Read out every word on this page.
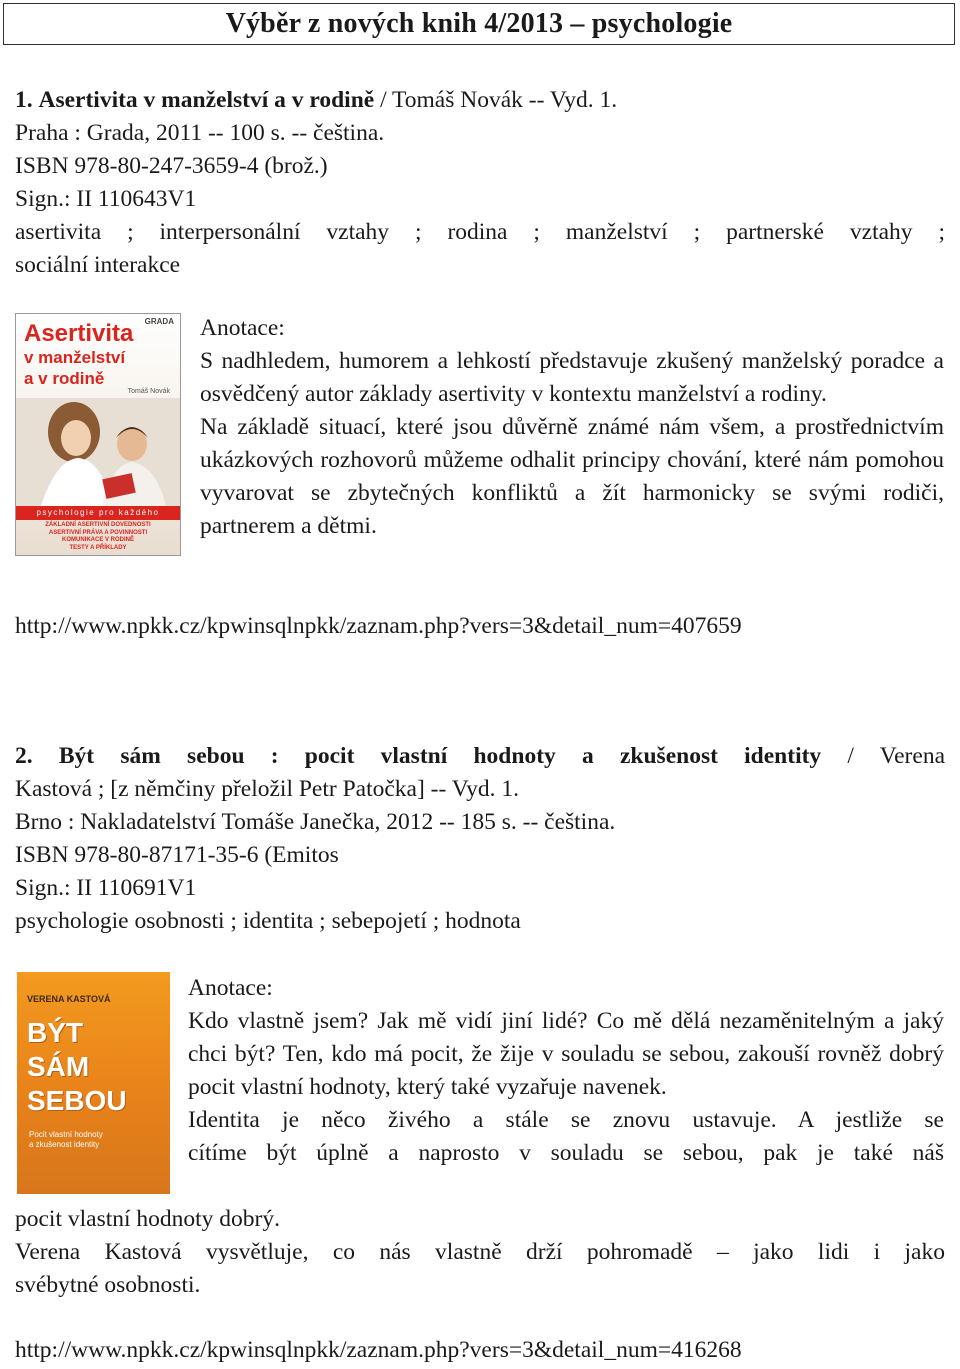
Výběr z nových knih 4/2013 – psychologie
1. Asertivita v manželství a v rodině / Tomáš Novák -- Vyd. 1.
Praha : Grada, 2011 -- 100 s. -- čeština.
ISBN 978-80-247-3659-4 (brož.)
Sign.: II 110643V1
asertivita ; interpersonální vztahy ; rodina ; manželství ; partnerské vztahy ;
sociální interakce
GRADA
Asertivita
v manželství
a v rodině
Tomáš Novák
psychologie pro každého
ZÁKLADNÍ ASERTIVNÍ DOVEDNOSTI
ASERTIVNÍ PRÁVA A POVINNOSTI
KOMUNIKACE V RODINĚ
TESTY A PŘÍKLADY
Anotace:
S nadhledem, humorem a lehkostí představuje zkušený manželský poradce a osvědčený autor základy asertivity v kontextu manželství a rodiny.
Na základě situací, které jsou důvěrně známé nám všem, a prostřednictvím ukázkových rozhovorů můžeme odhalit principy chování, které nám pomohou vyvarovat se zbytečných konfliktů a žít harmonicky se svými rodiči, partnerem a dětmi.
http://www.npkk.cz/kpwinsqlnpkk/zaznam.php?vers=3&detail_num=407659
2. Být sám sebou : pocit vlastní hodnoty a zkušenost identity / Verena
Kastová ; [z němčiny přeložil Petr Patočka] -- Vyd. 1.
Brno : Nakladatelství Tomáše Janečka, 2012 -- 185 s. -- čeština.
ISBN 978-80-87171-35-6 (Emitos
Sign.: II 110691V1
psychologie osobnosti ; identita ; sebepojetí ; hodnota
VERENA KASTOVÁ
BÝT
SÁM
SEBOU
Pocit vlastní hodnoty
a zkušenost identity
Anotace:
Kdo vlastně jsem? Jak mě vidí jiní lidé? Co mě dělá nezaměnitelným a jaký chci být? Ten, kdo má pocit, že žije v souladu se sebou, zakouší rovněž dobrý pocit vlastní hodnoty, který také vyzařuje navenek.
Identita je něco živého a stále se znovu ustavuje. A jestliže se
cítíme být úplně a naprosto v souladu se sebou, pak je také náš
pocit vlastní hodnoty dobrý.
Verena Kastová vysvětluje, co nás vlastně drží pohromadě – jako lidi i jako
svébytné osobnosti.
http://www.npkk.cz/kpwinsqlnpkk/zaznam.php?vers=3&detail_num=416268
